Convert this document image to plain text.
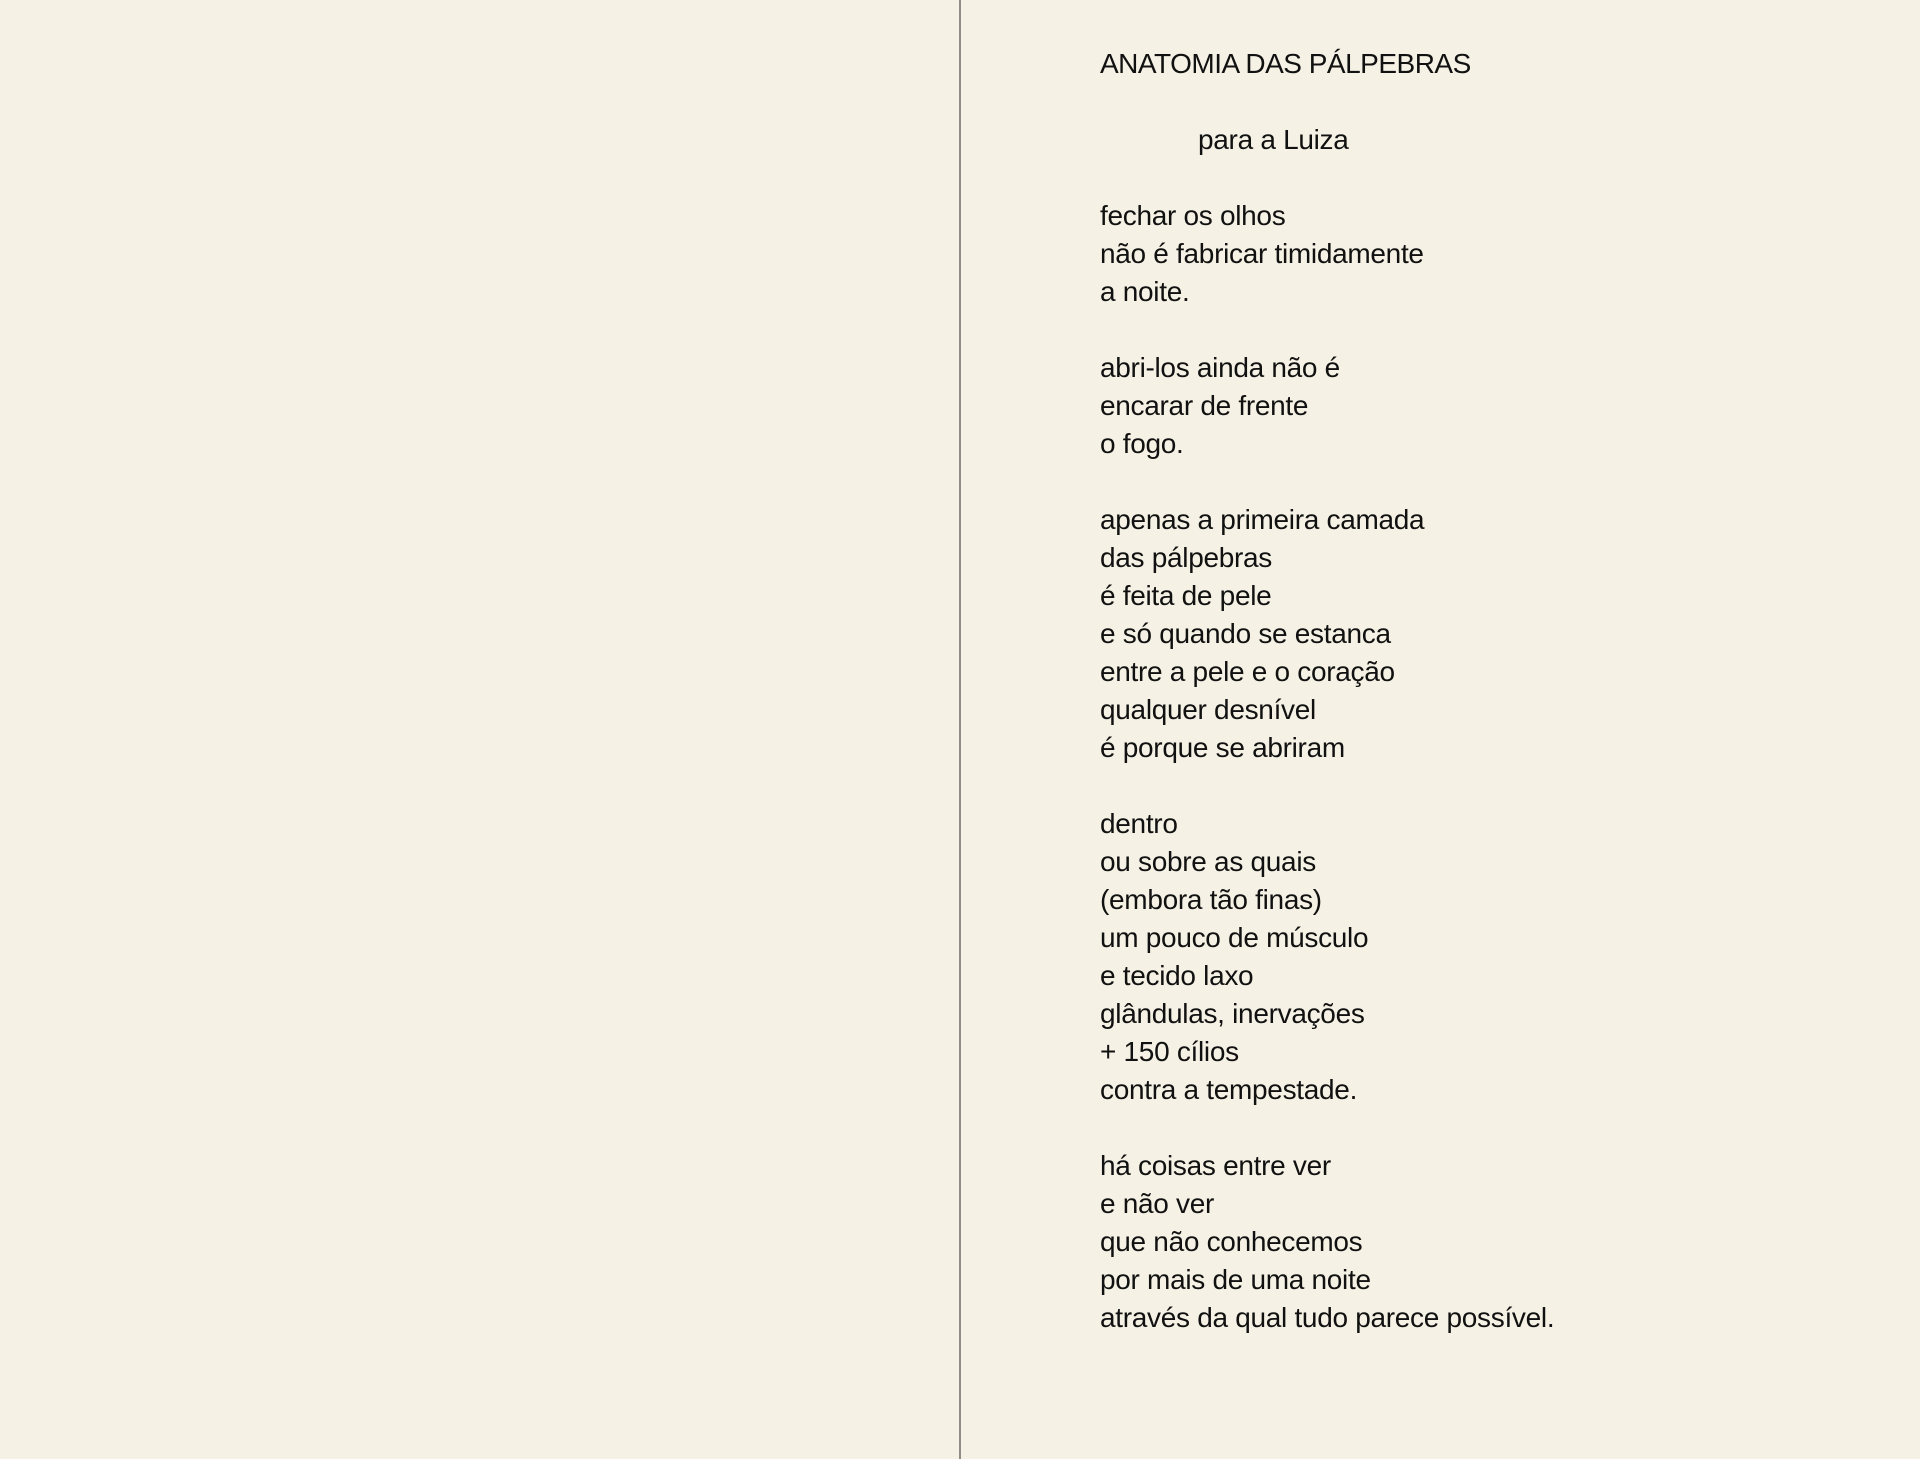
ANATOMIA DAS PÁLPEBRAS
para a Luiza
fechar os olhos
não é fabricar timidamente
a noite.
abri-los ainda não é
encarar de frente
o fogo.
apenas a primeira camada
das pálpebras
é feita de pele
e só quando se estanca
entre a pele e o coração
qualquer desnível
é porque se abriram
dentro
ou sobre as quais
(embora tão finas)
um pouco de músculo
e tecido laxo
glândulas, inervações
+ 150 cílios
contra a tempestade.
há coisas entre ver
e não ver
que não conhecemos
por mais de uma noite
através da qual tudo parece possível.
